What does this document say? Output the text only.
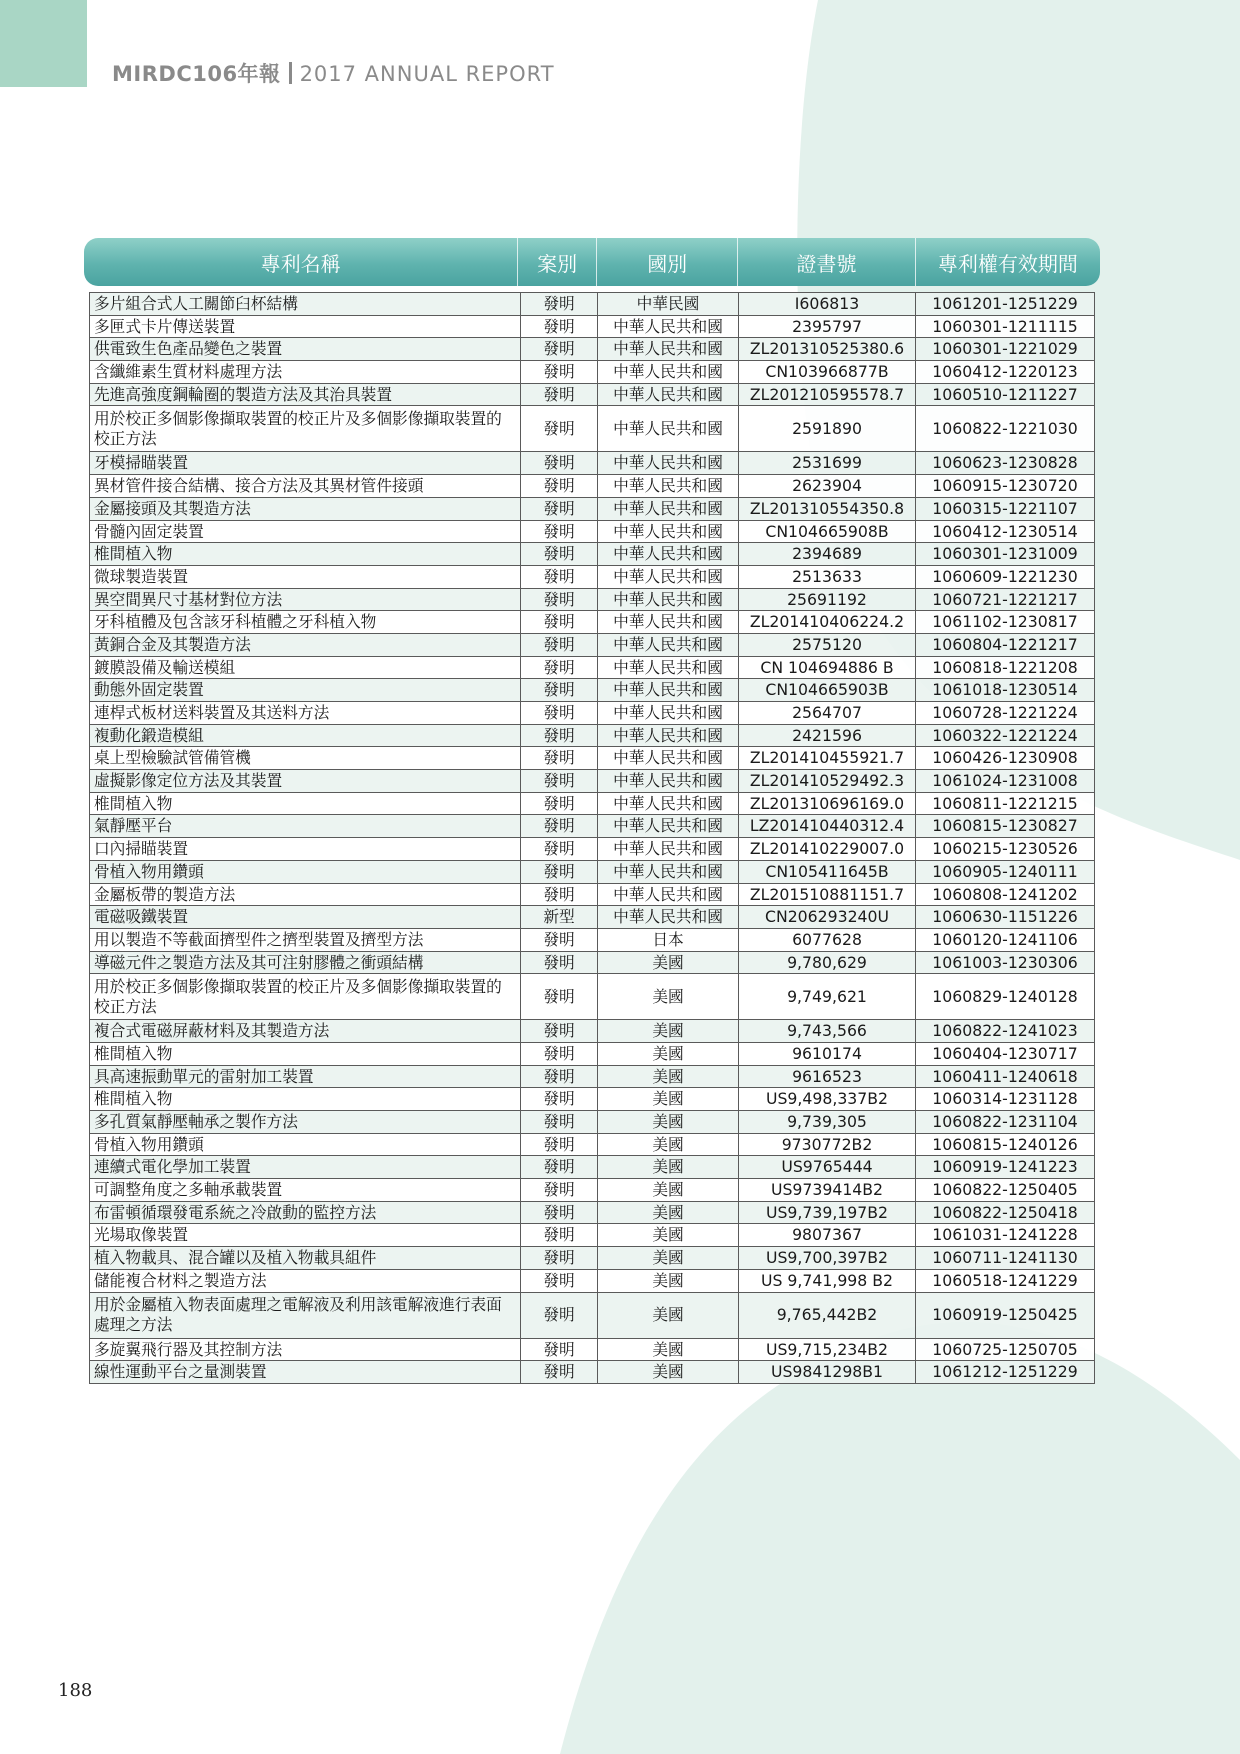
MIRDC106年報 2017 ANNUAL REPORT
專利名稱	案別	國別	證書號	專利權有效期間
多片組合式人工關節臼杯結構	發明	中華民國	I606813	1061201-1251229
多匣式卡片傳送裝置	發明	中華人民共和國	2395797	1060301-1211115
供電致生色產品變色之裝置	發明	中華人民共和國	ZL201310525380.6	1060301-1221029
含纖維素生質材料處理方法	發明	中華人民共和國	CN103966877B	1060412-1220123
先進高強度鋼輪圈的製造方法及其治具裝置	發明	中華人民共和國	ZL201210595578.7	1060510-1211227
用於校正多個影像擷取裝置的校正片及多個影像擷取裝置的校正方法	發明	中華人民共和國	2591890	1060822-1221030
牙模掃瞄裝置	發明	中華人民共和國	2531699	1060623-1230828
異材管件接合結構、接合方法及其異材管件接頭	發明	中華人民共和國	2623904	1060915-1230720
金屬接頭及其製造方法	發明	中華人民共和國	ZL201310554350.8	1060315-1221107
骨髓內固定裝置	發明	中華人民共和國	CN104665908B	1060412-1230514
椎間植入物	發明	中華人民共和國	2394689	1060301-1231009
微球製造裝置	發明	中華人民共和國	2513633	1060609-1221230
異空間異尺寸基材對位方法	發明	中華人民共和國	25691192	1060721-1221217
牙科植體及包含該牙科植體之牙科植入物	發明	中華人民共和國	ZL201410406224.2	1061102-1230817
黃銅合金及其製造方法	發明	中華人民共和國	2575120	1060804-1221217
鍍膜設備及輸送模組	發明	中華人民共和國	CN 104694886 B	1060818-1221208
動態外固定裝置	發明	中華人民共和國	CN104665903B	1061018-1230514
連桿式板材送料裝置及其送料方法	發明	中華人民共和國	2564707	1060728-1221224
複動化鍛造模組	發明	中華人民共和國	2421596	1060322-1221224
桌上型檢驗試管備管機	發明	中華人民共和國	ZL201410455921.7	1060426-1230908
虛擬影像定位方法及其裝置	發明	中華人民共和國	ZL201410529492.3	1061024-1231008
椎間植入物	發明	中華人民共和國	ZL201310696169.0	1060811-1221215
氣靜壓平台	發明	中華人民共和國	LZ201410440312.4	1060815-1230827
口內掃瞄裝置	發明	中華人民共和國	ZL201410229007.0	1060215-1230526
骨植入物用鑽頭	發明	中華人民共和國	CN105411645B	1060905-1240111
金屬板帶的製造方法	發明	中華人民共和國	ZL201510881151.7	1060808-1241202
電磁吸鐵裝置	新型	中華人民共和國	CN206293240U	1060630-1151226
用以製造不等截面擠型件之擠型裝置及擠型方法	發明	日本	6077628	1060120-1241106
導磁元件之製造方法及其可注射膠體之衝頭結構	發明	美國	9,780,629	1061003-1230306
用於校正多個影像擷取裝置的校正片及多個影像擷取裝置的校正方法	發明	美國	9,749,621	1060829-1240128
複合式電磁屏蔽材料及其製造方法	發明	美國	9,743,566	1060822-1241023
椎間植入物	發明	美國	9610174	1060404-1230717
具高速振動單元的雷射加工裝置	發明	美國	9616523	1060411-1240618
椎間植入物	發明	美國	US9,498,337B2	1060314-1231128
多孔質氣靜壓軸承之製作方法	發明	美國	9,739,305	1060822-1231104
骨植入物用鑽頭	發明	美國	9730772B2	1060815-1240126
連續式電化學加工裝置	發明	美國	US9765444	1060919-1241223
可調整角度之多軸承載裝置	發明	美國	US9739414B2	1060822-1250405
布雷頓循環發電系統之冷啟動的監控方法	發明	美國	US9,739,197B2	1060822-1250418
光場取像裝置	發明	美國	9807367	1061031-1241228
植入物載具、混合罐以及植入物載具組件	發明	美國	US9,700,397B2	1060711-1241130
儲能複合材料之製造方法	發明	美國	US 9,741,998 B2	1060518-1241229
用於金屬植入物表面處理之電解液及利用該電解液進行表面處理之方法	發明	美國	9,765,442B2	1060919-1250425
多旋翼飛行器及其控制方法	發明	美國	US9,715,234B2	1060725-1250705
線性運動平台之量測裝置	發明	美國	US9841298B1	1061212-1251229
188
